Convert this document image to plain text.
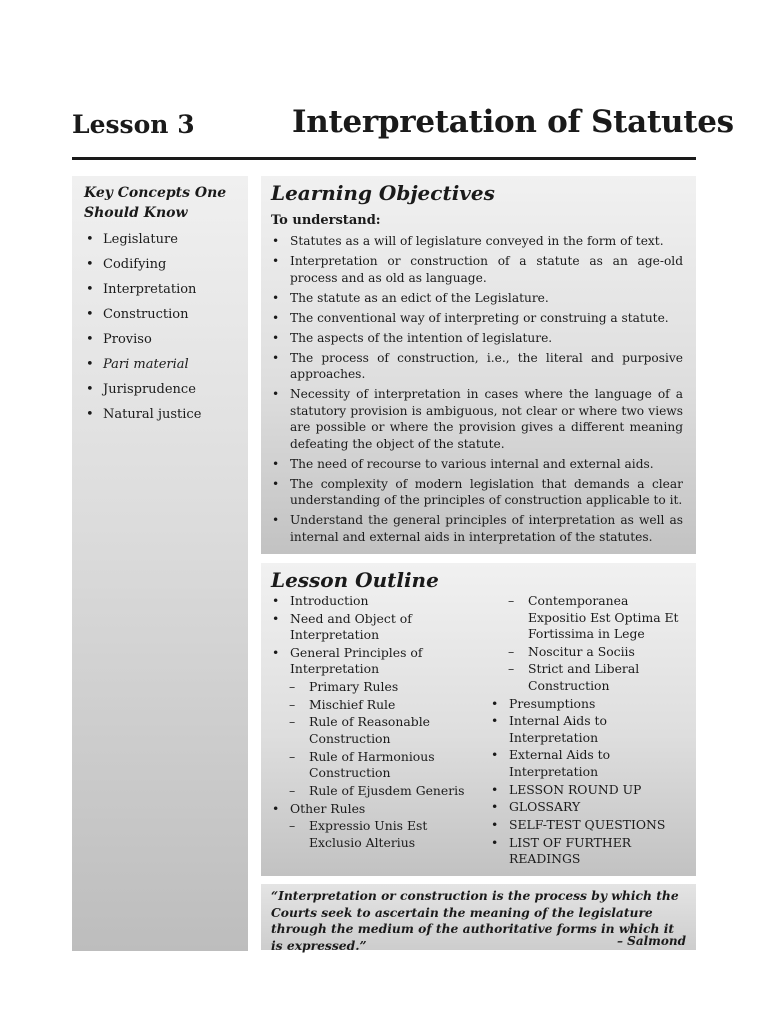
Lesson 3	Interpretation of Statutes
Key Concepts One Should Know
• Legislature
• Codifying
• Interpretation
• Construction
• Proviso
• Pari material
• Jurisprudence
• Natural justice
Learning Objectives
To understand:
• Statutes as a will of legislature conveyed in the form of text.
• Interpretation or construction of a statute as an age-old process and as old as language.
• The statute as an edict of the Legislature.
• The conventional way of interpreting or construing a statute.
• The aspects of the intention of legislature.
• The process of construction, i.e., the literal and purposive approaches.
• Necessity of interpretation in cases where the language of a statutory provision is ambiguous, not clear or where two views are possible or where the provision gives a different meaning defeating the object of the statute.
• The need of recourse to various internal and external aids.
• The complexity of modern legislation that demands a clear understanding of the principles of construction applicable to it.
• Understand the general principles of interpretation as well as internal and external aids in interpretation of the statutes.
Lesson Outline
• Introduction
• Need and Object of Interpretation
• General Principles of Interpretation
– Primary Rules
– Mischief Rule
– Rule of Reasonable Construction
– Rule of Harmonious Construction
– Rule of Ejusdem Generis
• Other Rules
– Expressio Unis Est Exclusio Alterius
– Contemporanea Expositio Est Optima Et Fortissima in Lege
– Noscitur a Sociis
– Strict and Liberal Construction
• Presumptions
• Internal Aids to Interpretation
• External Aids to Interpretation
• LESSON ROUND UP
• GLOSSARY
• SELF-TEST QUESTIONS
• LIST OF FURTHER READINGS
“Interpretation or construction is the process by which the Courts seek to ascertain the meaning of the legislature through the medium of the authoritative forms in which it is expressed.”	– Salmond
